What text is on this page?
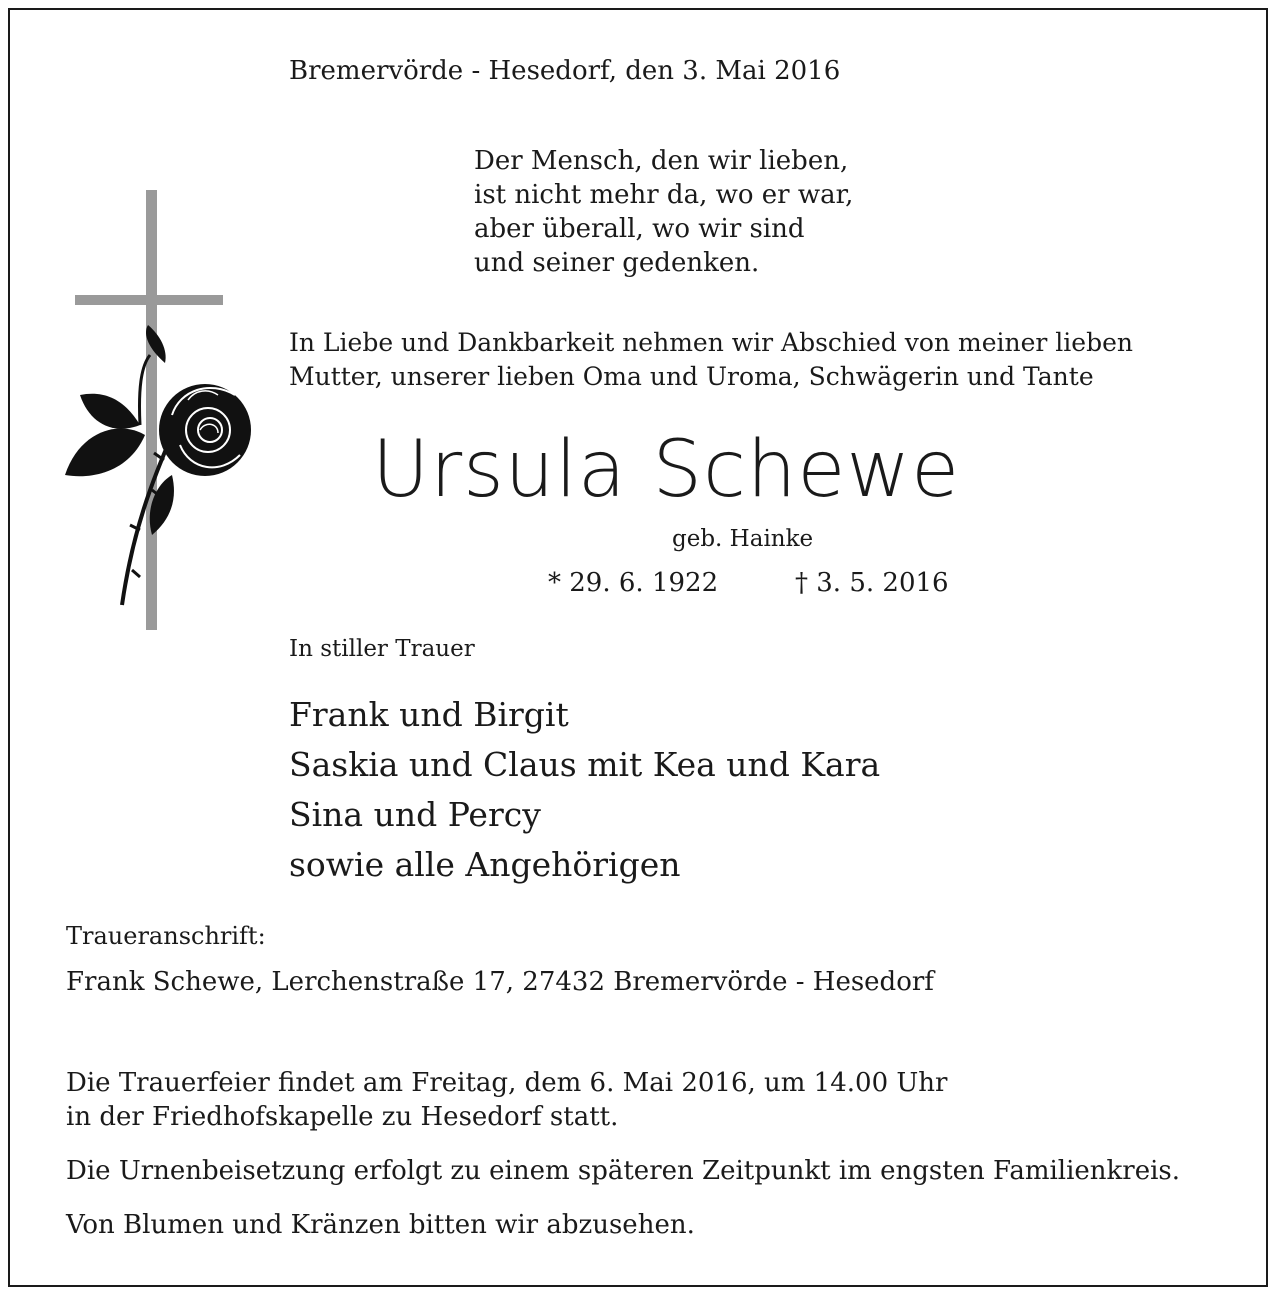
Bremervörde - Hesedorf, den 3. Mai 2016

Der Mensch, den wir lieben,
ist nicht mehr da, wo er war,
aber überall, wo wir sind
und seiner gedenken.
In Liebe und Dankbarkeit nehmen wir Abschied von meiner lieben
Mutter, unserer lieben Oma und Uroma, Schwägerin und Tante
Ursula Schewe

geb. Hainke

* 29. 6. 1922	† 3. 5. 2016

In stiller Trauer

Frank und Birgit
Saskia und Claus mit Kea und Kara
Sina und Percy
sowie alle Angehörigen

Traueranschrift:

Frank Schewe, Lerchenstraße 17, 27432 Bremervörde - Hesedorf

Die Trauerfeier findet am Freitag, dem 6. Mai 2016, um 14.00 Uhr
in der Friedhofskapelle zu Hesedorf statt.

Die Urnenbeisetzung erfolgt zu einem späteren Zeitpunkt im engsten Familienkreis.

Von Blumen und Kränzen bitten wir abzusehen.
